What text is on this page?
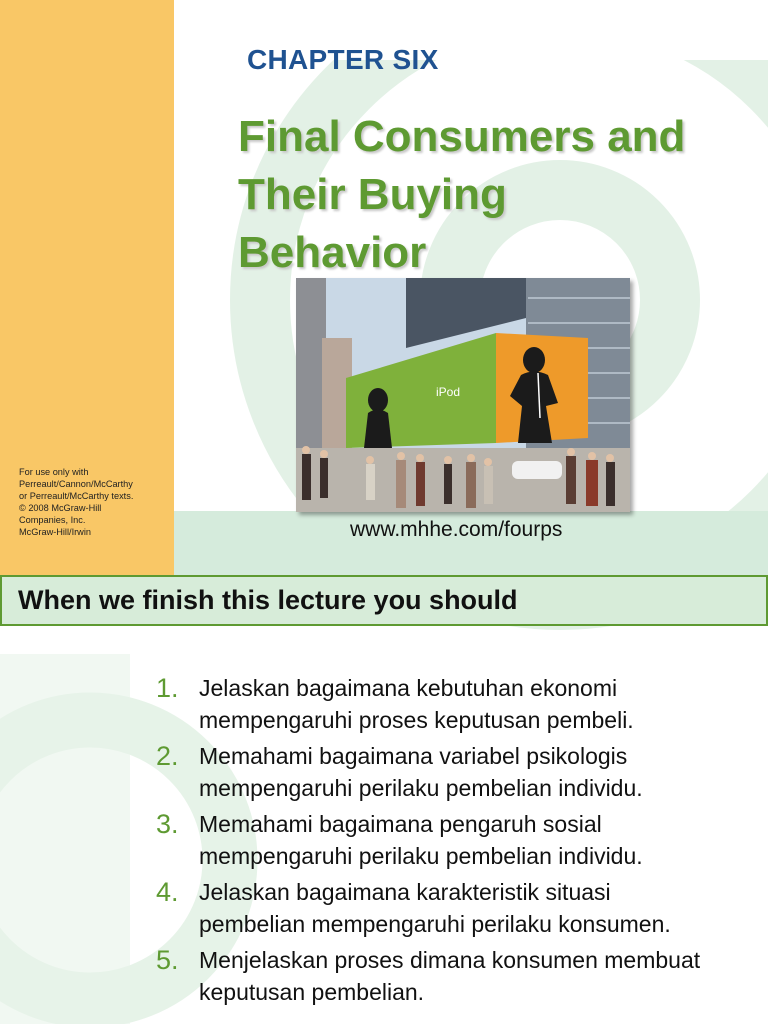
For use only with
Perreault/Cannon/McCarthy
or Perreault/McCarthy texts.
© 2008 McGraw-Hill
Companies, Inc.
McGraw-Hill/Irwin
CHAPTER SIX
Final Consumers and
Their Buying
Behavior
iPod
www.mhhe.com/fourps
When we finish this lecture you should
1. Jelaskan bagaimana kebutuhan ekonomi
mempengaruhi proses keputusan pembeli.
2. Memahami bagaimana variabel psikologis
mempengaruhi perilaku pembelian individu.
3. Memahami bagaimana pengaruh sosial
mempengaruhi perilaku pembelian individu.
4. Jelaskan bagaimana karakteristik situasi
pembelian mempengaruhi perilaku konsumen.
5. Menjelaskan proses dimana konsumen membuat
keputusan pembelian.
